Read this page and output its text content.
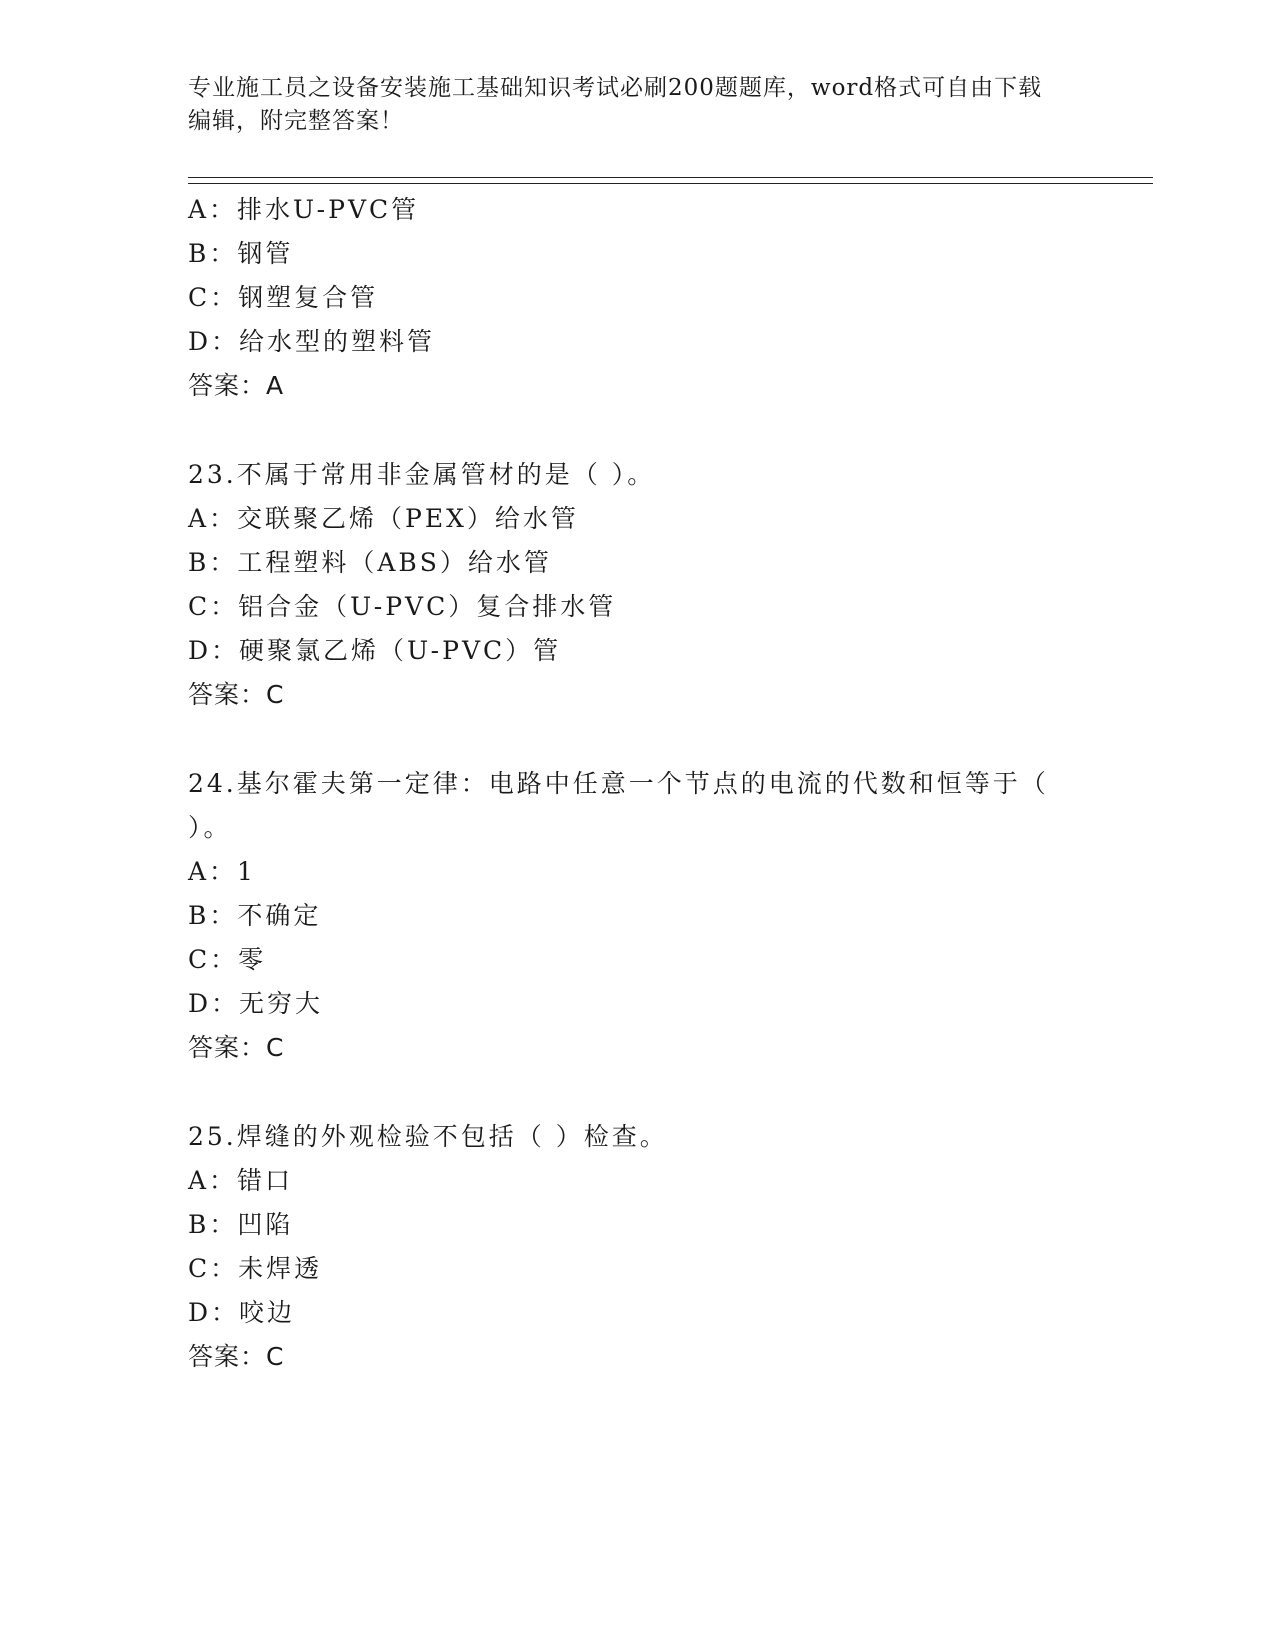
专业施工员之设备安装施工基础知识考试必刷200题题库，word格式可自由下载
编辑，附完整答案！
A：排水U-PVC管
B：钢管
C：钢塑复合管
D：给水型的塑料管
答案：A
23.不属于常用非金属管材的是（ ）。
A：交联聚乙烯（PEX）给水管
B：工程塑料（ABS）给水管
C：铝合金（U-PVC）复合排水管
D：硬聚氯乙烯（U-PVC）管
答案：C
24.基尔霍夫第一定律：电路中任意一个节点的电流的代数和恒等于（
）。
A：1
B：不确定
C：零
D：无穷大
答案：C
25.焊缝的外观检验不包括（ ）检查。
A：错口
B：凹陷
C：未焊透
D：咬边
答案：C
